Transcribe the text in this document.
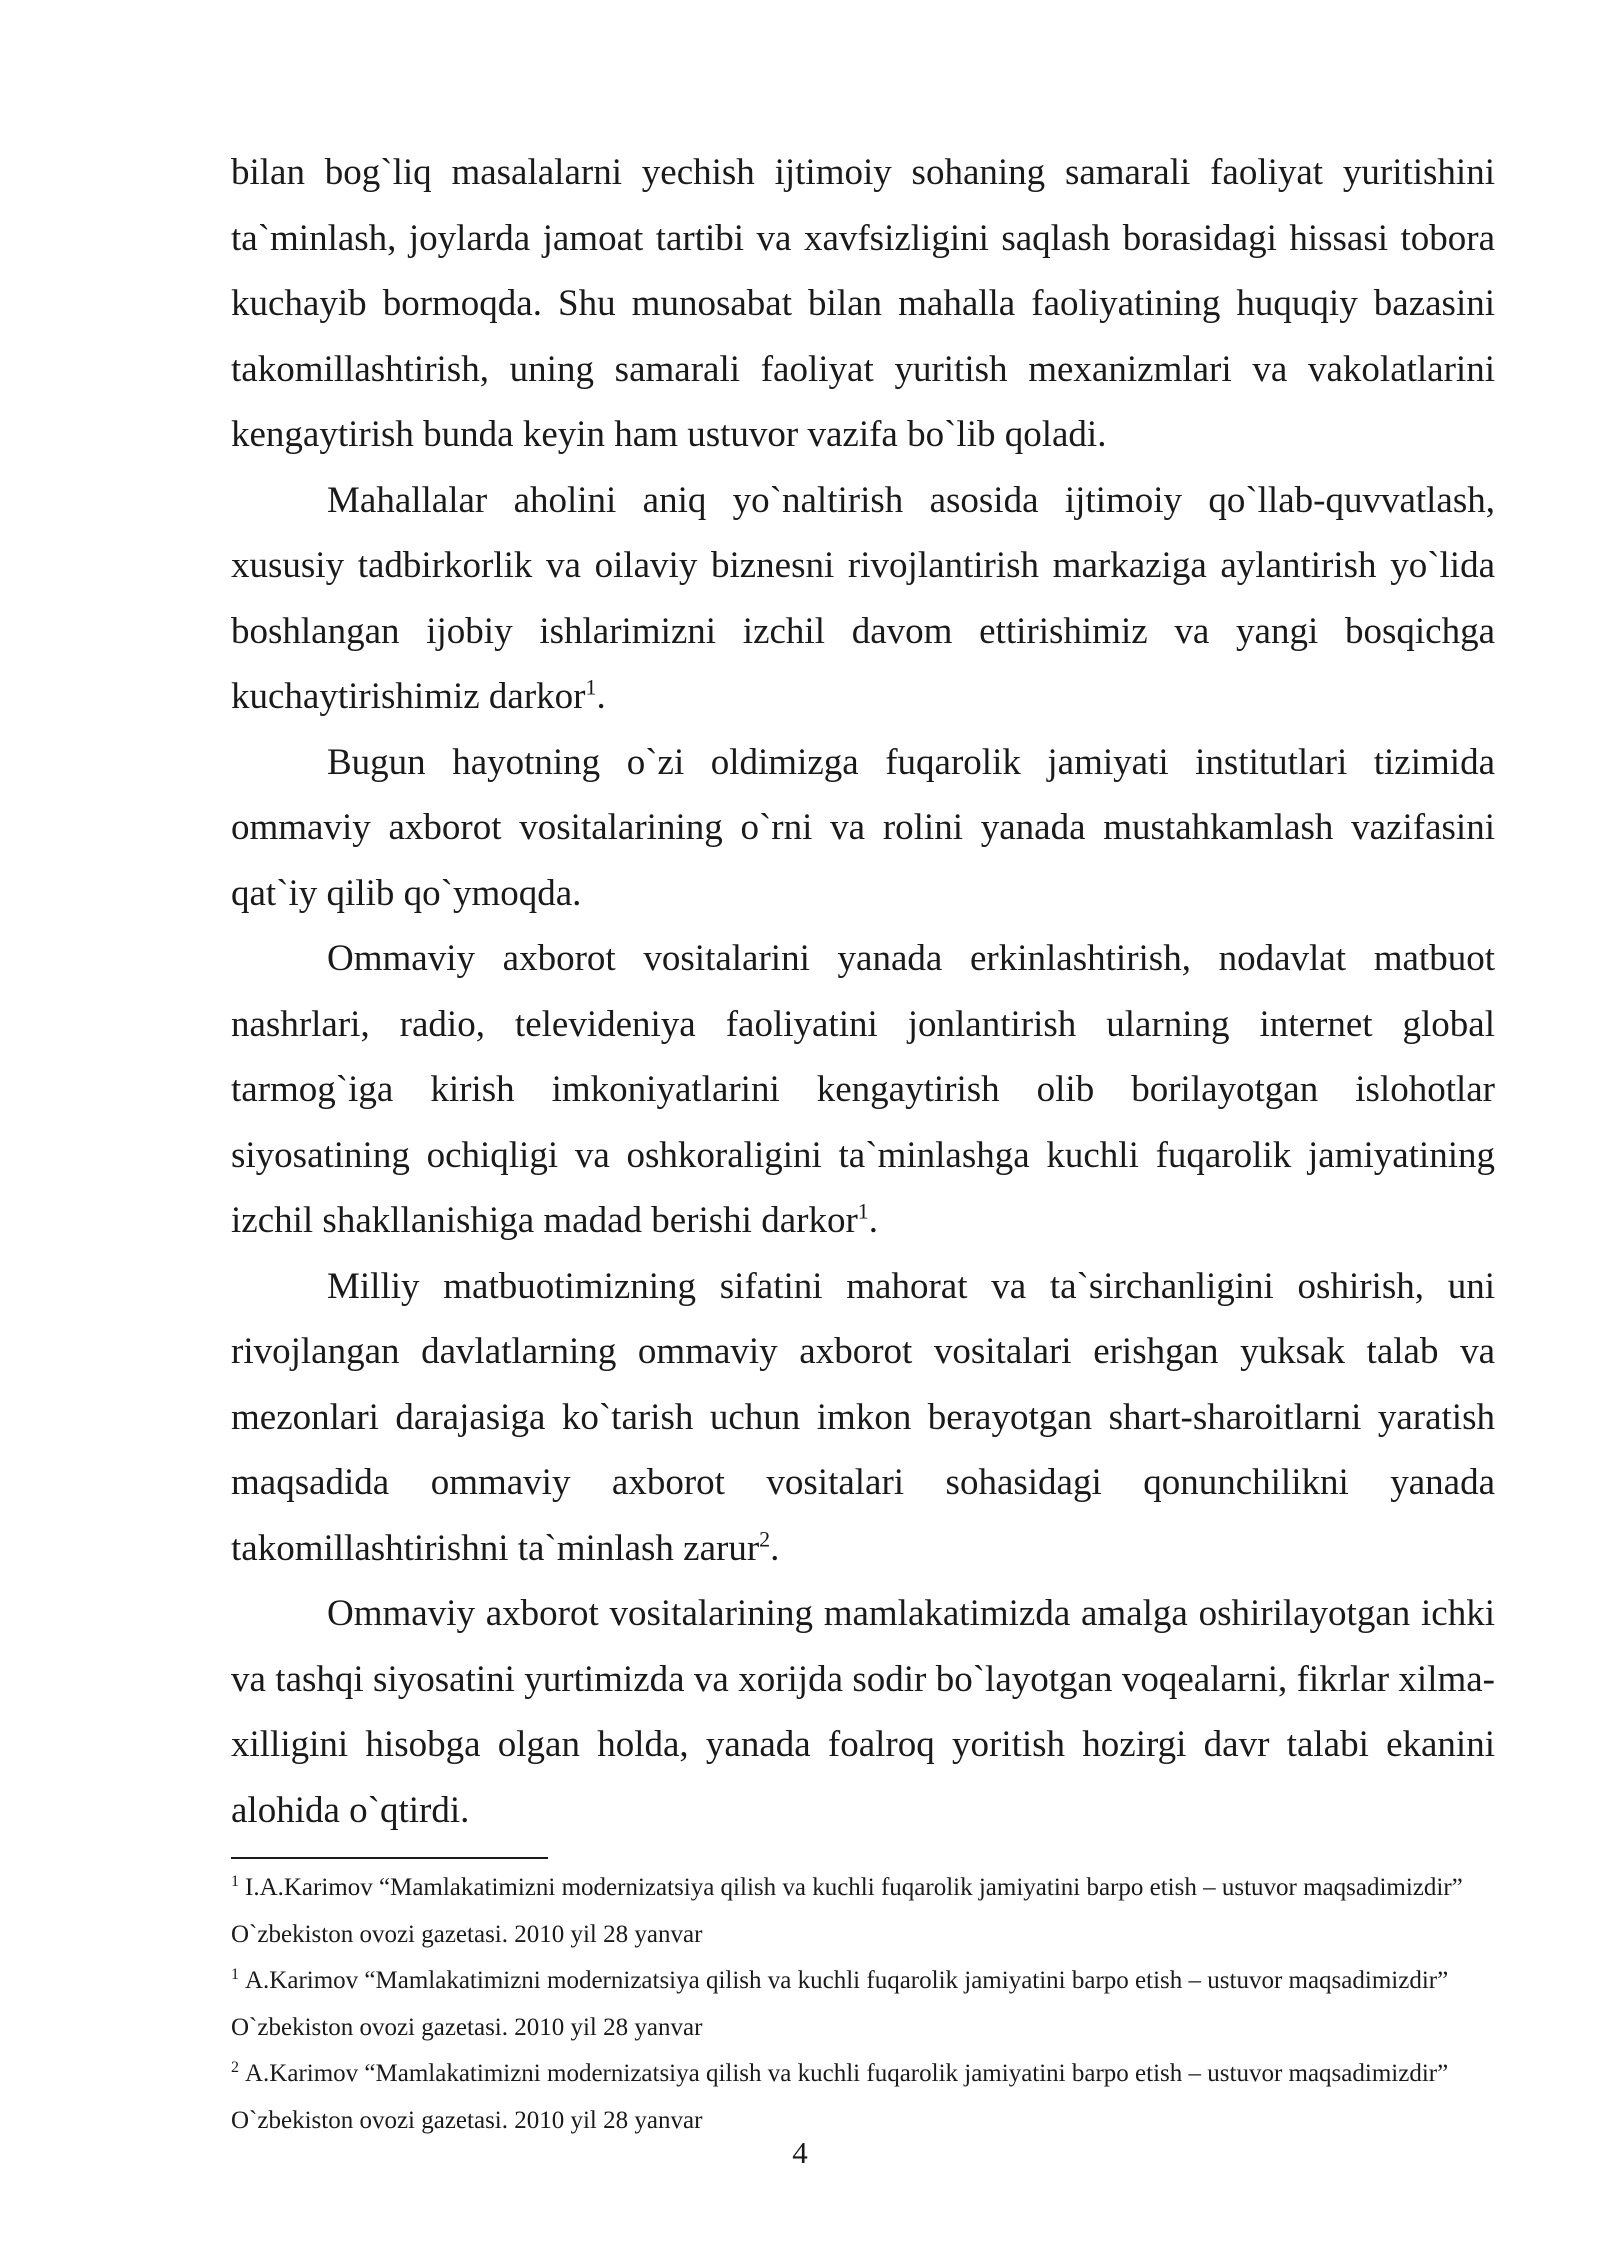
bilan bog`liq masalalarni yechish ijtimoiy sohaning samarali faoliyat yuritishini ta`minlash, joylarda jamoat tartibi va xavfsizligini saqlash borasidagi hissasi tobora kuchayib bormoqda. Shu munosabat bilan mahalla faoliyatining huquqiy bazasini takomillashtirish, uning samarali faoliyat yuritish mexanizmlari va vakolatlarini kengaytirish bunda keyin ham ustuvor vazifa bo`lib qoladi.

Mahallalar aholini aniq yo`naltirish asosida ijtimoiy qo`llab-quvvatlash, xususiy tadbirkorlik va oilaviy biznesni rivojlantirish markaziga aylantirish yo`lida boshlangan ijobiy ishlarimizni izchil davom ettirishimiz va yangi bosqichga kuchaytirishimiz darkor$^1$.

Bugun hayotning o`zi oldimizga fuqarolik jamiyati institutlari tizimida ommaviy axborot vositalarining o`rni va rolini yanada mustahkamlash vazifasini qat`iy qilib qo`ymoqda.

Ommaviy axborot vositalarini yanada erkinlashtirish, nodavlat matbuot nashrlari, radio, televideniya faoliyatini jonlantirish ularning internet global tarmog`iga kirish imkoniyatlarini kengaytirish olib borilayotgan islohotlar siyosatining ochiqligi va oshkoraligini ta`minlashga kuchli fuqarolik jamiyatining izchil shakllanishiga madad berishi darkor$^1$.

Milliy matbuotimizning sifatini mahorat va ta`sirchanligini oshirish, uni rivojlangan davlatlarning ommaviy axborot vositalari erishgan yuksak talab va mezonlari darajasiga ko`tarish uchun imkon berayotgan shart-sharoitlarni yaratish maqsadida ommaviy axborot vositalari sohasidagi qonunchilikni yanada takomillashtirishni ta`minlash zarur$^2$.

Ommaviy axborot vositalarining mamlakatimizda amalga oshirilayotgan ichki va tashqi siyosatini yurtimizda va xorijda sodir bo`layotgan voqealarni, fikrlar xilma-xilligini hisobga olgan holda, yanada foalroq yoritish hozirgi davr talabi ekanini alohida o`qtirdi.

$^1$ I.A.Karimov “Mamlakatimizni modernizatsiya qilish va kuchli fuqarolik jamiyatini barpo etish – ustuvor maqsadimizdir” O`zbekiston ovozi gazetasi. 2010 yil 28 yanvar

$^1$ A.Karimov “Mamlakatimizni modernizatsiya qilish va kuchli fuqarolik jamiyatini barpo etish – ustuvor maqsadimizdir” O`zbekiston ovozi gazetasi. 2010 yil 28 yanvar

$^2$ A.Karimov “Mamlakatimizni modernizatsiya qilish va kuchli fuqarolik jamiyatini barpo etish – ustuvor maqsadimizdir” O`zbekiston ovozi gazetasi. 2010 yil 28 yanvar

4
